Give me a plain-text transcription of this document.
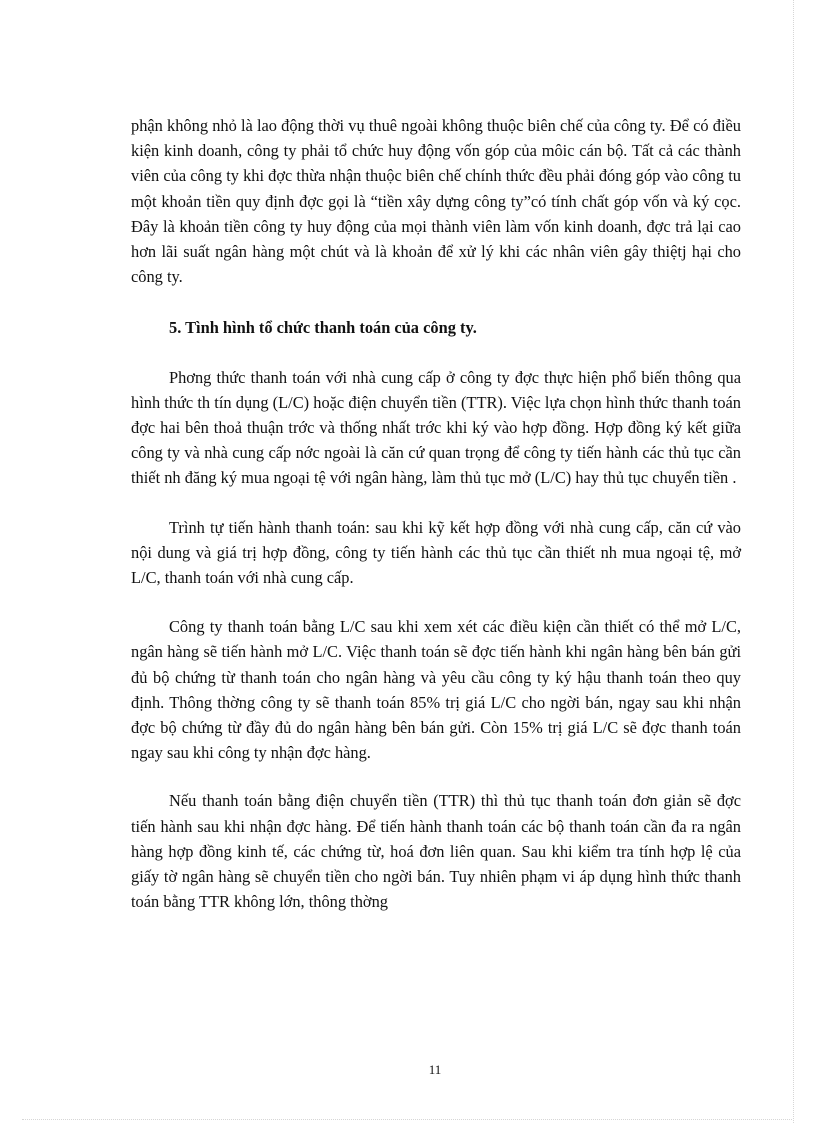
phận không nhỏ là lao động thời vụ thuê ngoài không thuộc biên chế của công ty. Để có điều kiện kinh doanh, công ty phải tổ chức huy động vốn góp của môic cán bộ. Tất cả các thành viên của công ty khi đợc thừa nhận thuộc biên chế chính thức đều phải đóng góp vào công tu một khoản tiền quy định đợc gọi là “tiền xây dựng công ty”có tính chất góp vốn và ký cọc. Đây là khoản tiền công ty huy động của mọi thành viên làm vốn kinh doanh, đợc trả lại cao hơn lãi suất ngân hàng một chút và là khoản để xử lý khi các nhân viên gây thiệtj hại cho công ty.

5. Tình hình tổ chức thanh toán của công ty.

Phơng thức thanh toán với nhà cung cấp ở công ty đợc thực hiện phổ biến thông qua hình thức th tín dụng (L/C) hoặc điện chuyển tiền (TTR). Việc lựa chọn hình thức thanh toán đợc hai bên thoả thuận trớc và thống nhất trớc khi ký vào hợp đồng. Hợp đồng ký kết giữa công ty và nhà cung cấp nớc ngoài là căn cứ quan trọng để công ty tiến hành các thủ tục cần thiết nh đăng ký mua ngoại tệ với ngân hàng, làm thủ tục mở (L/C) hay thủ tục chuyển tiền .

Trình tự tiến hành thanh toán: sau khi kỹ kết hợp đồng với nhà cung cấp, căn cứ vào nội dung và giá trị hợp đồng, công ty tiến hành các thủ tục cần thiết nh mua ngoại tệ, mở L/C, thanh toán với nhà cung cấp.

Công ty thanh toán bằng L/C sau khi xem xét các điều kiện cần thiết có thể mở L/C, ngân hàng sẽ tiến hành mở L/C. Việc thanh toán sẽ đợc tiến hành khi ngân hàng bên bán gửi đủ bộ chứng từ thanh toán cho ngân hàng và yêu cầu công ty ký hậu thanh toán theo quy định. Thông thờng công ty sẽ thanh toán 85% trị giá L/C cho ngời bán, ngay sau khi nhận đợc bộ chứng từ đầy đủ do ngân hàng bên bán gửi. Còn 15% trị giá L/C sẽ đợc thanh toán ngay sau khi công ty nhận đợc hàng.

Nếu thanh toán bằng điện chuyển tiền (TTR) thì thủ tục thanh toán đơn giản sẽ đợc tiến hành sau khi nhận đợc hàng. Để tiến hành thanh toán các bộ thanh toán cần đa ra ngân hàng hợp đồng kinh tế, các chứng từ, hoá đơn liên quan. Sau khi kiểm tra tính hợp lệ của giấy tờ ngân hàng sẽ chuyển tiền cho ngời bán. Tuy nhiên phạm vi áp dụng hình thức thanh toán bằng TTR không lớn, thông thờng

11
